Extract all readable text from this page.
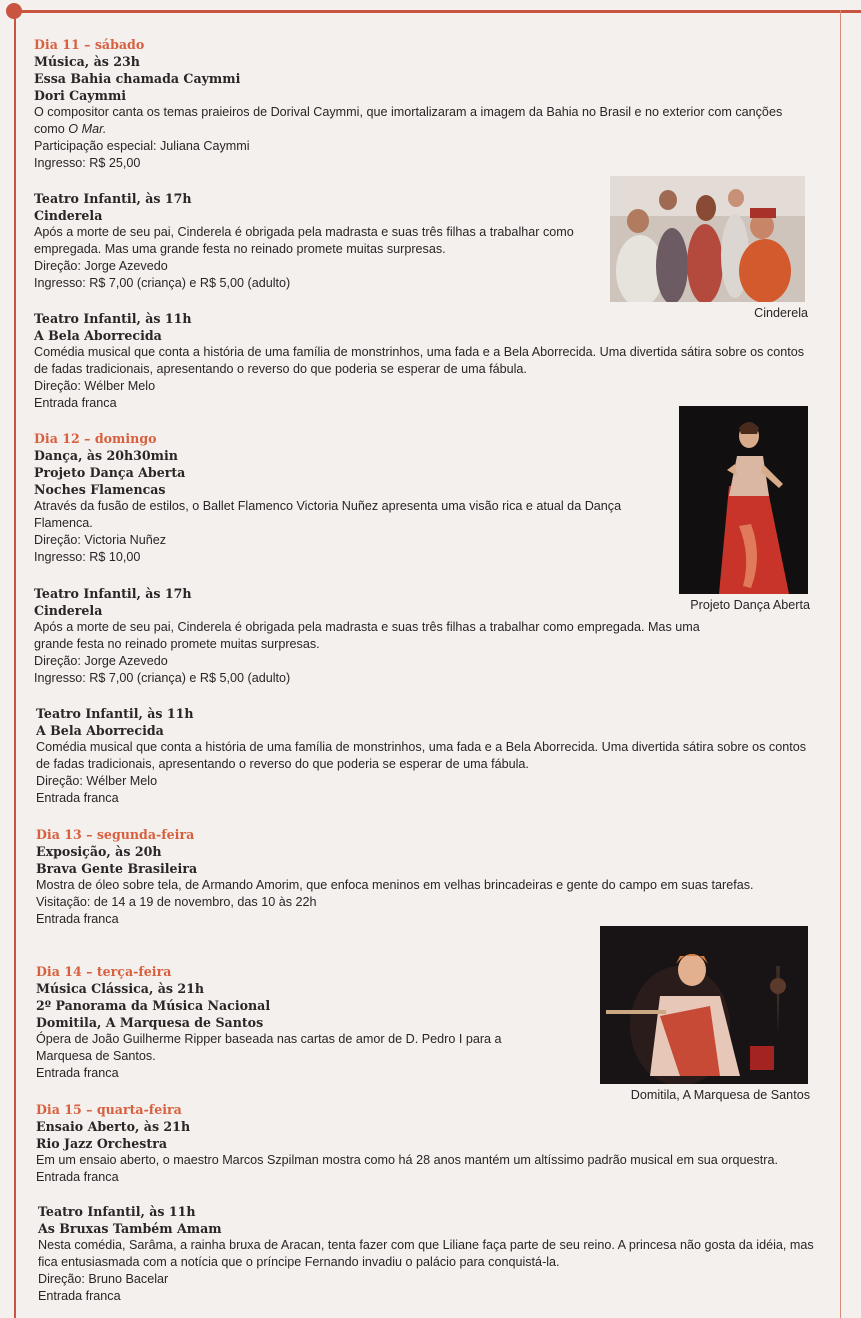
Dia 11 – sábado
Música, às 23h
Essa Bahia chamada Caymmi
Dori Caymmi
O compositor canta os temas praieiros de Dorival Caymmi, que imortalizaram a imagem da Bahia no Brasil e no exterior com canções como O Mar.
Participação especial: Juliana Caymmi
Ingresso: R$ 25,00
Teatro Infantil, às 17h
Cinderela
Após a morte de seu pai, Cinderela é obrigada pela madrasta e suas três filhas a trabalhar como empregada. Mas uma grande festa no reinado promete muitas surpresas.
Direção: Jorge Azevedo
Ingresso: R$ 7,00 (criança) e R$ 5,00 (adulto)
Cinderela
Teatro Infantil, às 11h
A Bela Aborrecida
Comédia musical que conta a história de uma família de monstrinhos, uma fada e a Bela Aborrecida. Uma divertida sátira sobre os contos de fadas tradicionais, apresentando o reverso do que poderia se esperar de uma fábula.
Direção: Wélber Melo
Entrada franca
Dia 12 – domingo
Dança, às 20h30min
Projeto Dança Aberta
Noches Flamencas
Através da fusão de estilos, o Ballet Flamenco Victoria Nuñez apresenta uma visão rica e atual da Dança Flamenca.
Direção: Victoria Nuñez
Ingresso: R$ 10,00
Projeto Dança Aberta
Teatro Infantil, às 17h
Cinderela
Após a morte de seu pai, Cinderela é obrigada pela madrasta e suas três filhas a trabalhar como empregada. Mas uma grande festa no reinado promete muitas surpresas.
Direção: Jorge Azevedo
Ingresso: R$ 7,00 (criança) e R$ 5,00 (adulto)
Teatro Infantil, às 11h
A Bela Aborrecida
Comédia musical que conta a história de uma família de monstrinhos, uma fada e a Bela Aborrecida. Uma divertida sátira sobre os contos de fadas tradicionais, apresentando o reverso do que poderia se esperar de uma fábula.
Direção: Wélber Melo
Entrada franca
Dia 13 – segunda-feira
Exposição, às 20h
Brava Gente Brasileira
Mostra de óleo sobre tela, de Armando Amorim, que enfoca meninos em velhas brincadeiras e gente do campo em suas tarefas.
Visitação: de 14 a 19 de novembro, das 10 às 22h
Entrada franca
Domitila, A Marquesa de Santos
Dia 14 – terça-feira
Música Clássica, às 21h
2º Panorama da Música Nacional
Domitila, A Marquesa de Santos
Ópera de João Guilherme Ripper baseada nas cartas de amor de D. Pedro I para a Marquesa de Santos.
Entrada franca
Dia 15 – quarta-feira
Ensaio Aberto, às 21h
Rio Jazz Orchestra
Em um ensaio aberto, o maestro Marcos Szpilman mostra como há 28 anos mantém um altíssimo padrão musical em sua orquestra.
Entrada franca
Teatro Infantil, às 11h
As Bruxas Também Amam
Nesta comédia, Sarâma, a rainha bruxa de Aracan, tenta fazer com que Liliane faça parte de seu reino. A princesa não gosta da idéia, mas fica entusiasmada com a notícia que o príncipe Fernando invadiu o palácio para conquistá-la.
Direção: Bruno Bacelar
Entrada franca
